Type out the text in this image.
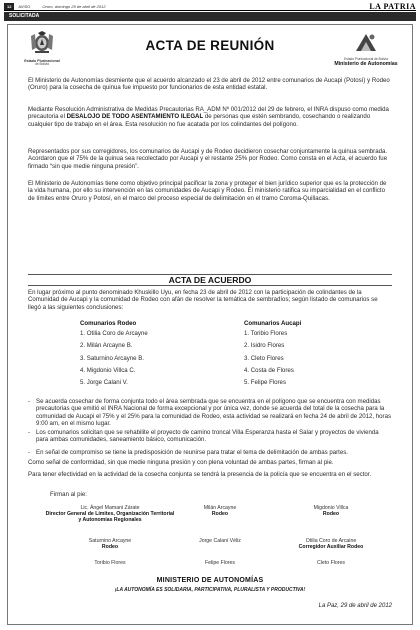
12	AVISO	Oruro, domingo 29 de abril de 2012	LA PATRIA
SOLICITADA
Estado Plurinacional
de Bolivia
ACTA DE REUNIÓN
Estado Plurinacional de Bolivia
Ministerio de Autonomías

El Ministerio de Autonomías desmiente que el acuerdo alcanzado el 23 de abril de 2012 entre comunarios de Aucapi (Potosí) y Rodeo (Oruro) para la cosecha de quinua fue impuesto por funcionarios de esta entidad estatal.

Mediante Resolución Administrativa de Medidas Precautorias RA_ADM Nº 001/2012 del 29 de febrero, el INRA dispuso como medida precautoria el DESALOJO DE TODO ASENTAMIENTO ILEGAL de personas que estén sembrando, cosechando o realizando cualquier tipo de trabajo en el área. Esta resolución no fue acatada por los colindantes del polígono.

Representados por sus corregidores, los comunarios de Aucapi y de Rodeo decidieron cosechar conjuntamente la quinua sembrada. Acordaron que el 75% de la quinua sea recolectado por Aucapi y el restante 25% por Rodeo. Como consta en el Acta, el acuerdo fue firmado “sin que medie ninguna presión”.

El Ministerio de Autonomías tiene como objetivo principal pacificar la zona y proteger el bien jurídico superior que es la protección de la vida humana, por ello su intervención en las comunidades de Aucapi y Rodeo. El ministerio ratifica su imparcialidad en el conflicto de límites entre Oruro y Potosí, en el marco del proceso especial de delimitación en el tramo Coroma-Quillacas.

ACTA DE ACUERDO

En lugar próximo al punto denominado Khuskillo Uyu, en fecha 23 de abril de 2012 con la participación de colindantes de la Comunidad de Aucapi y la comunidad de Rodeo con afán de resolver la temática de sembradíos; según listado de comunarios se llegó a las siguientes conclusiones:

Comunarios Rodeo
1. Otilia Coro de Arcayne
2. Milán Arcayne B.
3. Saturnino Arcayne B.
4. Migdonio Villca C.
5. Jorge Calani V.
Comunarios Aucapi
1. Toribio Flores
2. Isidro Flores
3. Cleto Flores
4. Costa de Flores
5. Felipe Flores
- Se acuerda cosechar de forma conjunta todo el área sembrada que se encuentra en el polígono que se encuentra con medidas precautorias que emitió el INRA Nacional de forma excepcional y por única vez, donde se acuerda del total de la cosecha para la comunidad de Aucapi el 75% y el 25% para la comunidad de Rodeo, esta actividad se realizará en fecha 24 de abril de 2012, horas 9:00 am, en el mismo lugar.
- Los comunarios solicitan que se rehabilite el proyecto de camino troncal Villa Esperanza hasta el Salar y proyectos de vivienda para ambas comunidades, saneamiento básico, comunicación.
- En señal de compromiso se tiene la predisposición de reunirse para tratar el tema de delimitación de ambas partes.

Como señal de conformidad, sin que medie ninguna presión y con plena voluntad de ambas partes, firman al pie.

Para tener efectividad en la actividad de la cosecha conjunta se tendrá la presencia de la policía que se encuentra en el sector.

Firman al pie:
Lic. Ángel Mamani Zárate
Director General de Límites, Organización Territorial y Autonomías Regionales
Milán Arcayne
Rodeo
Migdonio Villca
Rodeo
Saturnino Arcayne
Rodeo
Jorge Calani Véliz	Otilia Coro de Arcaine
Corregidor Auxiliar Rodeo
Toribio Flores	Felipe Flores	Cleto Flores
MINISTERIO DE AUTONOMÍAS
¡LA AUTONOMÍA ES SOLIDARIA, PARTICIPATIVA, PLURALISTA Y PRODUCTIVA!
La Paz, 29 de abril de 2012
